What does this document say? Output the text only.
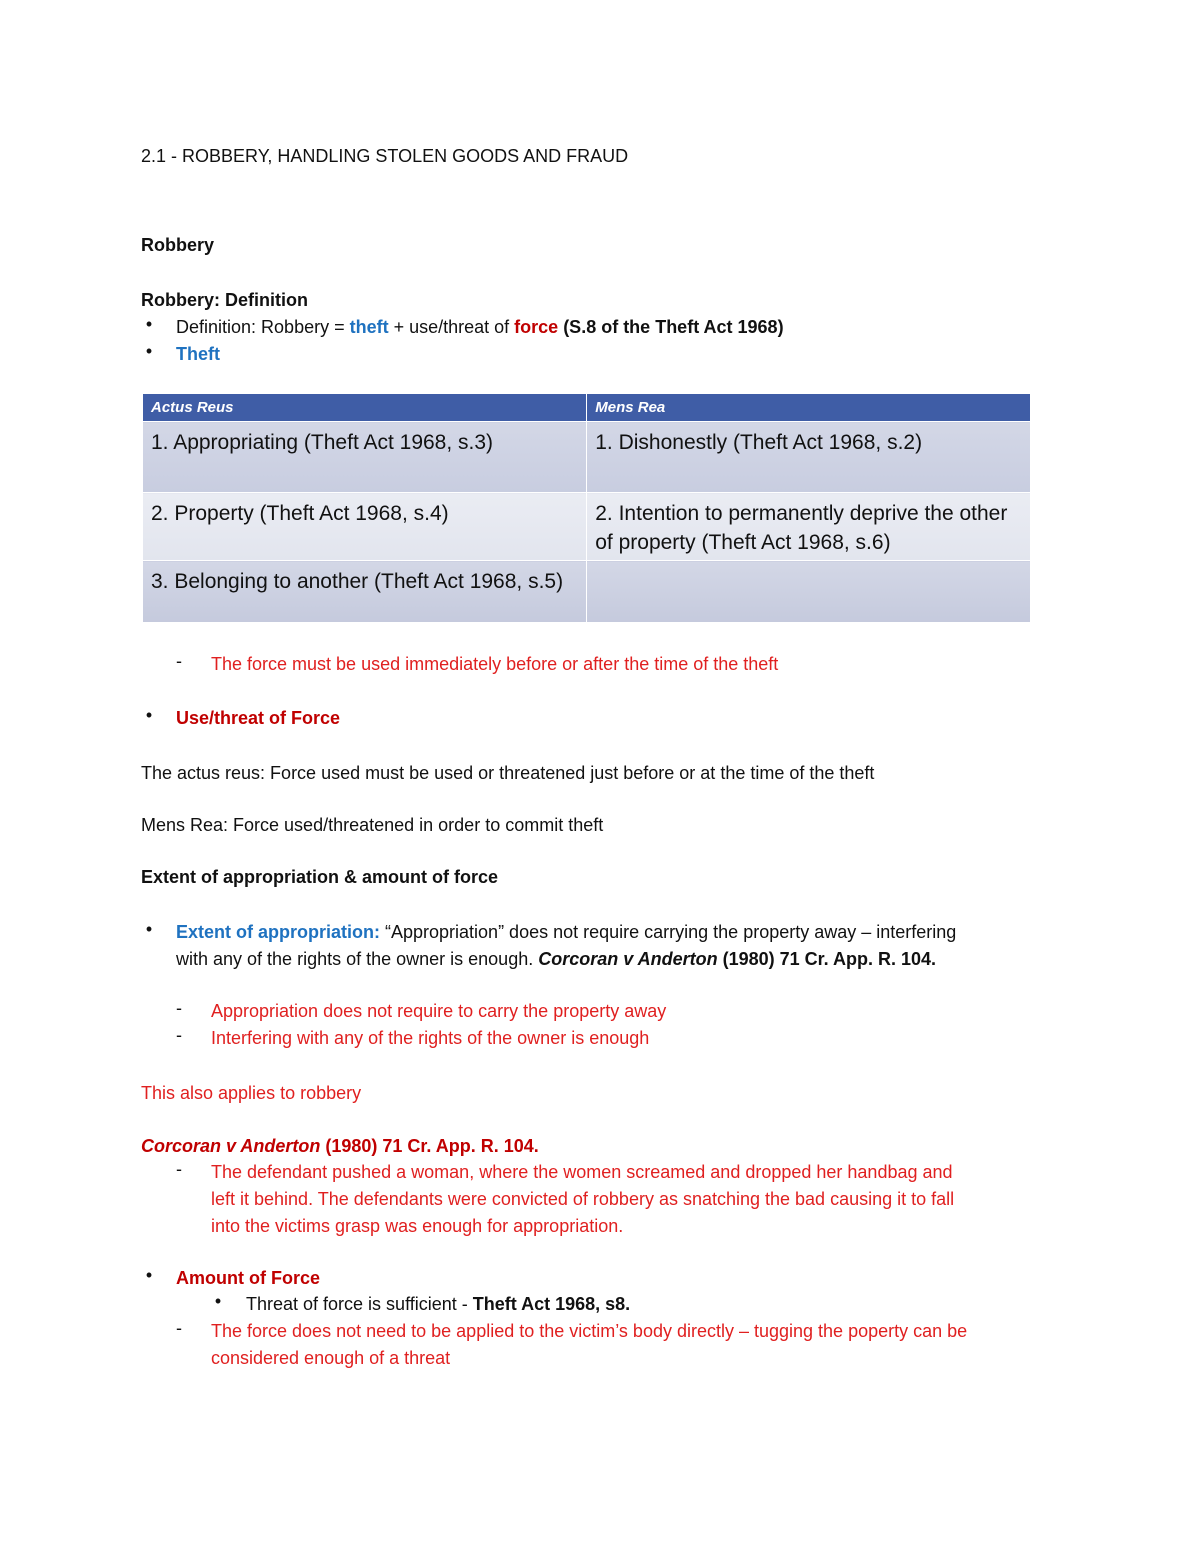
2.1 - ROBBERY, HANDLING STOLEN GOODS AND FRAUD
Robbery
Robbery: Definition
• Definition: Robbery = theft + use/threat of force (S.8 of the Theft Act 1968)
• Theft
Actus Reus	Mens Rea
1. Appropriating (Theft Act 1968, s.3)	1. Dishonestly (Theft Act 1968, s.2)
2. Property (Theft Act 1968, s.4)	2. Intention to permanently deprive the other of property (Theft Act 1968, s.6)
3. Belonging to another (Theft Act 1968, s.5)	
- The force must be used immediately before or after the time of the theft
• Use/threat of Force
The actus reus: Force used must be used or threatened just before or at the time of the theft
Mens Rea: Force used/threatened in order to commit theft
Extent of appropriation & amount of force
• Extent of appropriation: “Appropriation” does not require carrying the property away – interfering
with any of the rights of the owner is enough. Corcoran v Anderton (1980) 71 Cr. App. R. 104.
- Appropriation does not require to carry the property away
- Interfering with any of the rights of the owner is enough
This also applies to robbery
Corcoran v Anderton (1980) 71 Cr. App. R. 104.
- The defendant pushed a woman, where the women screamed and dropped her handbag and
left it behind. The defendants were convicted of robbery as snatching the bad causing it to fall
into the victims grasp was enough for appropriation.
• Amount of Force
• Threat of force is sufficient - Theft Act 1968, s8.
- The force does not need to be applied to the victim’s body directly – tugging the poperty can be
considered enough of a threat
